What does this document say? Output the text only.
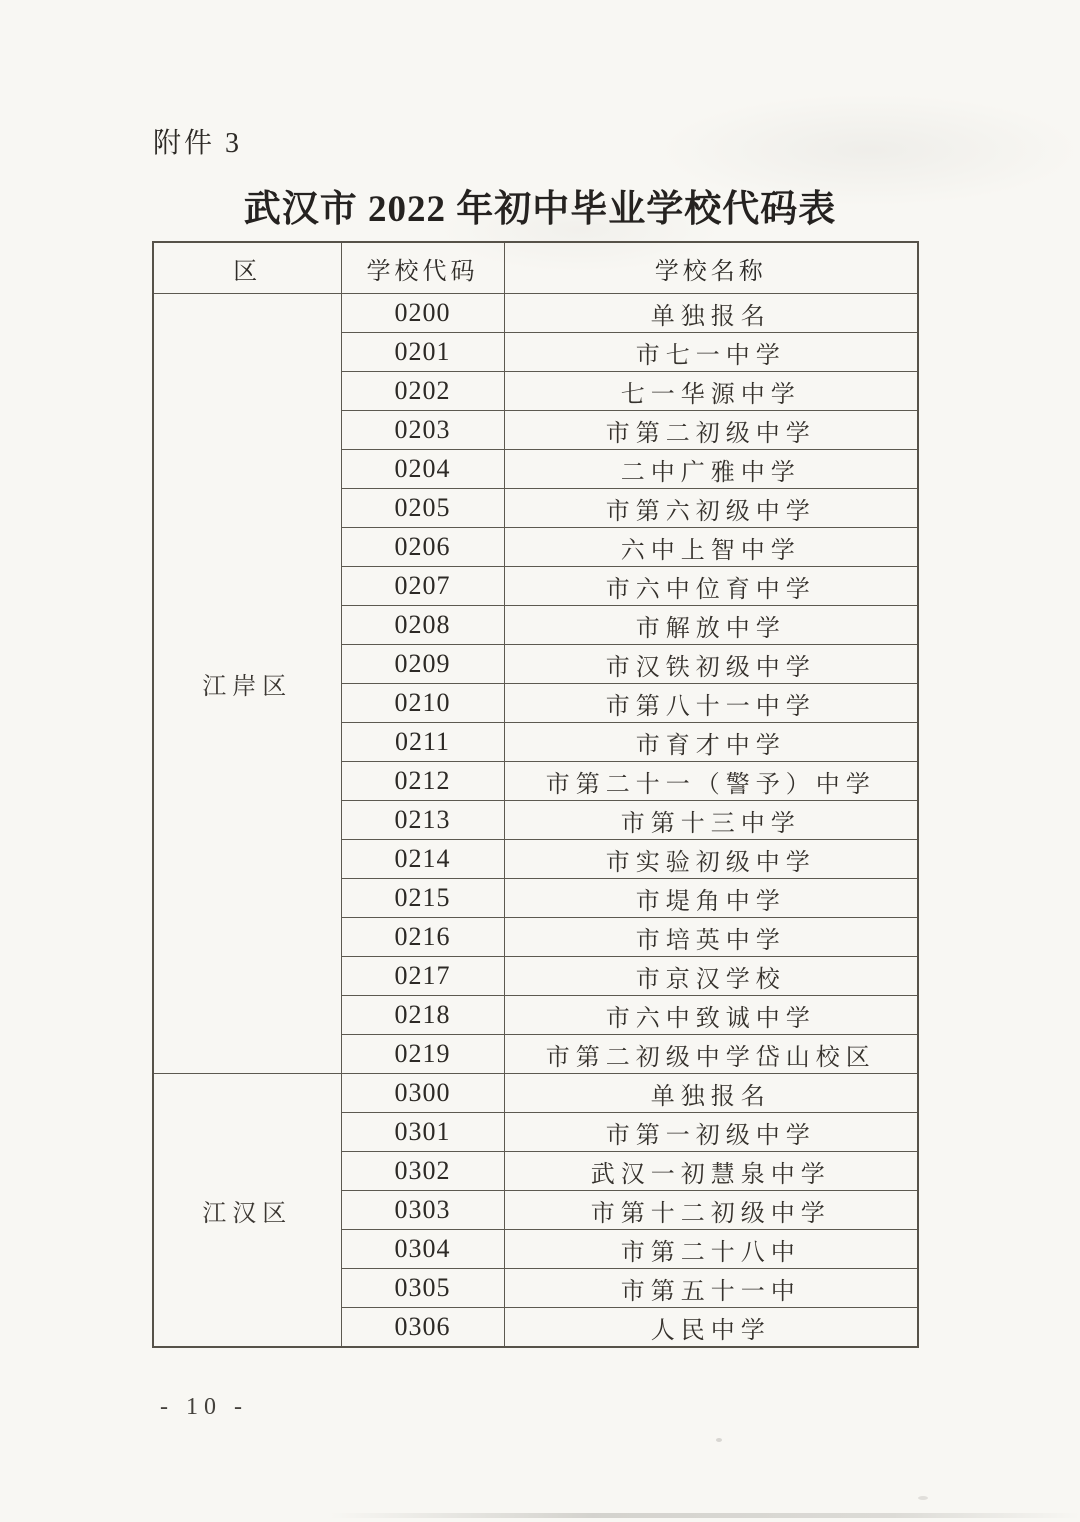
附件 3
武汉市 2022 年初中毕业学校代码表
区	学校代码	学校名称
江岸区	0200	单独报名
	0201	市七一中学
	0202	七一华源中学
	0203	市第二初级中学
	0204	二中广雅中学
	0205	市第六初级中学
	0206	六中上智中学
	0207	市六中位育中学
	0208	市解放中学
	0209	市汉铁初级中学
	0210	市第八十一中学
	0211	市育才中学
	0212	市第二十一（警予）中学
	0213	市第十三中学
	0214	市实验初级中学
	0215	市堤角中学
	0216	市培英中学
	0217	市京汉学校
	0218	市六中致诚中学
	0219	市第二初级中学岱山校区
江汉区	0300	单独报名
	0301	市第一初级中学
	0302	武汉一初慧泉中学
	0303	市第十二初级中学
	0304	市第二十八中
	0305	市第五十一中
	0306	人民中学
- 10 -
